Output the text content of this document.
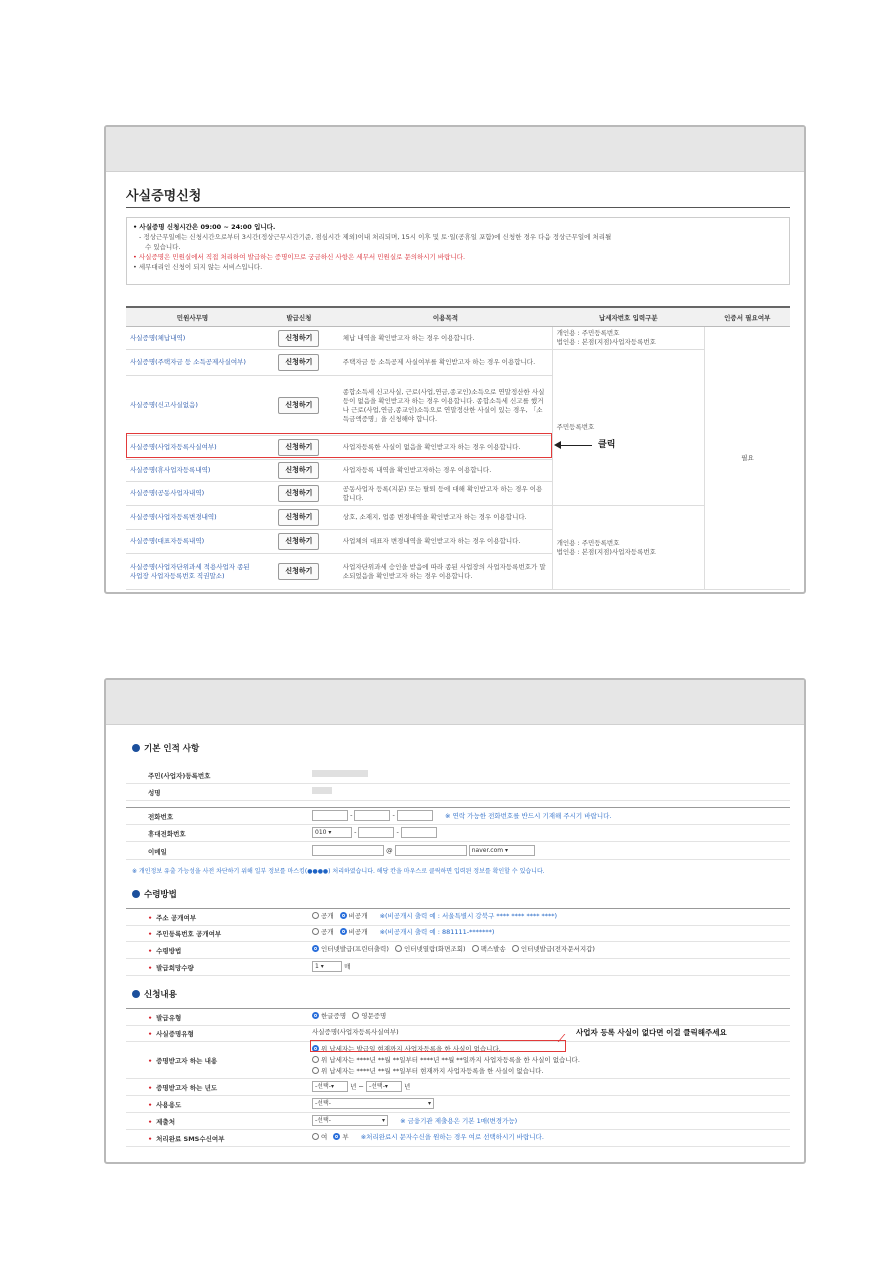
사실증명신청
• 사실증명 신청시간은 09:00 ~ 24:00 입니다.
- 정상근무일에는 신청시간으로부터 3시간(정상근무시간기준, 점심시간 제외)이내 처리되며, 15시 이후 및 토·일(공휴일 포함)에 신청한 경우 다음 정상근무일에 처리될
수 있습니다.
• 사실증명은 민원실에서 직접 처리하여 발급하는 증명이므로 궁금하신 사항은 세무서 민원실로 문의하시기 바랍니다.
• 세무대리인 신청이 되지 않는 서비스입니다.
민원사무명	발급신청	이용목적	납세자번호 입력구분	인증서 필요여부
사실증명(체납내역)	신청하기	체납 내역을 확인받고자 하는 경우 이용합니다.	개인용 : 주민등록번호
법인용 : 본점(지점)사업자등록번호	필요
사실증명(주택자금 등 소득공제사실여부)	신청하기	주택자금 등 소득공제 사실여부를 확인받고자 하는 경우 이용합니다.	주민등록번호	
사실증명(신고사실없음)	신청하기	종합소득세 신고사실, 근로(사업,연금,종교인)소득으로 연말정산한 사실 등이 없음을 확인받고자 하는 경우 이용합니다. 종합소득세 신고를 했거나 근로(사업,연금,종교인)소득으로 연말정산한 사실이 있는 경우, 「소득금액증명」을 신청해야 합니다.		
사실증명(사업자등록사실여부)	신청하기	사업자등록한 사실이 없음을 확인받고자 하는 경우 이용합니다.		
사실증명(휴사업자등록내역)	신청하기	사업자등록 내역을 확인받고자하는 경우 이용합니다.		
사실증명(공동사업자내역)	신청하기	공동사업자 등록(지분) 또는 탈퇴 등에 대해 확인받고자 하는 경우 이용합니다.		
사실증명(사업자등록변경내역)	신청하기	상호, 소재지, 업종 변경내역을 확인받고자 하는 경우 이용합니다.	개인용 : 주민등록번호
법인용 : 본점(지점)사업자등록번호	
사실증명(대표자등록내역)	신청하기	사업체의 대표자 변경내역을 확인받고자 하는 경우 이용합니다.		
사실증명(사업자단위과세 적용사업자 종된사업장 사업자등록번호 직권말소)	신청하기	사업자단위과세 승인을 받음에 따라 종된 사업장의 사업자등록번호가 말소되었음을 확인받고자 하는 경우 이용합니다.		
클릭
기본 인적 사항
주민(사업자)등록번호
성명
전화번호	-	-	※ 연락 가능한 전화번호를 반드시 기재해 주시기 바랍니다.
휴대전화번호	010 ▾	-	-
이메일	@	naver.com ▾
※ 개인정보 유출 가능성을 사전 차단하기 위해 일부 정보를 마스킹(●●●●) 처리하였습니다. 해당 칸을 마우스로 클릭하면 입력된 정보를 확인할 수 있습니다.
수령방법
• 주소 공개여부	공개 비공개 ※(비공개시 출력 예 : 서울특별시 강북구 **** **** **** ****)
• 주민등록번호 공개여부	공개 비공개 ※(비공개시 출력 예 : 881111-*******)
• 수령방법	인터넷발급(프린터출력) 인터넷열람(화면조회) 팩스발송 인터넷발급(전자문서지갑)
• 발급희망수량	1 ▾	매
신청내용
• 발급유형	한글증명 영문증명
• 사실증명유형	사실증명(사업자등록사실여부)
• 증명받고자 하는 내용
위 납세자는 발급일 현재까지 사업자등록을 한 사실이 없습니다.
위 납세자는 ****년 **월 **일부터 ****년 **월 **일까지 사업자등록을 한 사실이 없습니다.
위 납세자는 ****년 **월 **일부터 현재까지 사업자등록을 한 사실이 없습니다.
사업자 등록 사실이 없다면 이걸 클릭해주세요
• 증명받고자 하는 년도	-선택-▾ 년 ~ -선택-▾ 년
• 사용용도	-선택-	▾
• 제출처	-선택-	▾ ※ 금융기관 제출용은 기본 1매(변경가능)
• 처리완료 SMS수신여부	여 부 ※처리완료시 문자수신을 원하는 경우 여로 선택하시기 바랍니다.
